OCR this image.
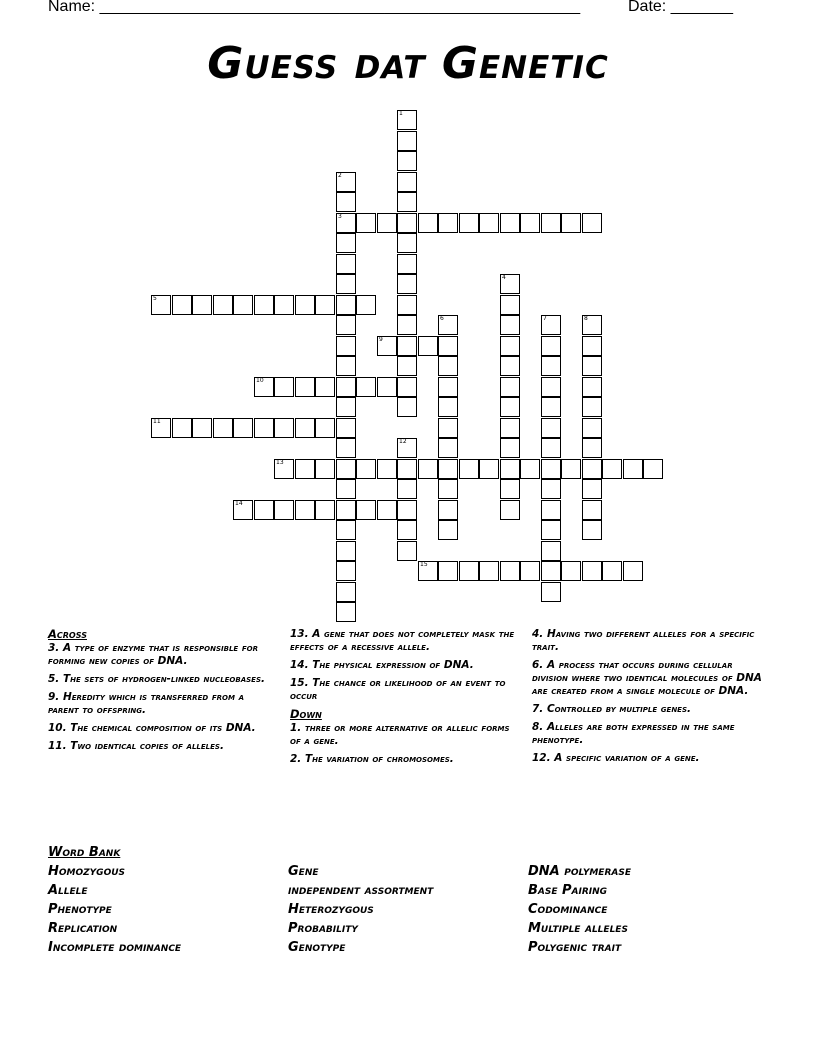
Name: ______________________________________________________	Date: _______
Guess dat Genetic
1
2
3
4
5
6	7	8
9
10
11
12
13
14
15
Across
3. A type of enzyme that is responsible for forming new copies of DNA.
5. The sets of hydrogen-linked nucleobases.
9. Heredity which is transferred from a parent to offspring.
10. The chemical composition of its DNA.
11. Two identical copies of alleles.
13. A gene that does not completely mask the effects of a recessive allele.
14. The physical expression of DNA.
15. The chance or likelihood of an event to occur
Down
1. three or more alternative or allelic forms of a gene.
2. The variation of chromosomes.
4. Having two different alleles for a specific trait.
6. A process that occurs during cellular division where two identical molecules of DNA are created from a single molecule of DNA.
7. Controlled by multiple genes.
8. Alleles are both expressed in the same phenotype.
12. A specific variation of a gene.
Word Bank
Homozygous
Allele
Phenotype
Replication
Incomplete dominance
Gene
independent assortment
Heterozygous
Probability
Genotype
DNA polymerase
Base Pairing
Codominance
Multiple alleles
Polygenic trait
